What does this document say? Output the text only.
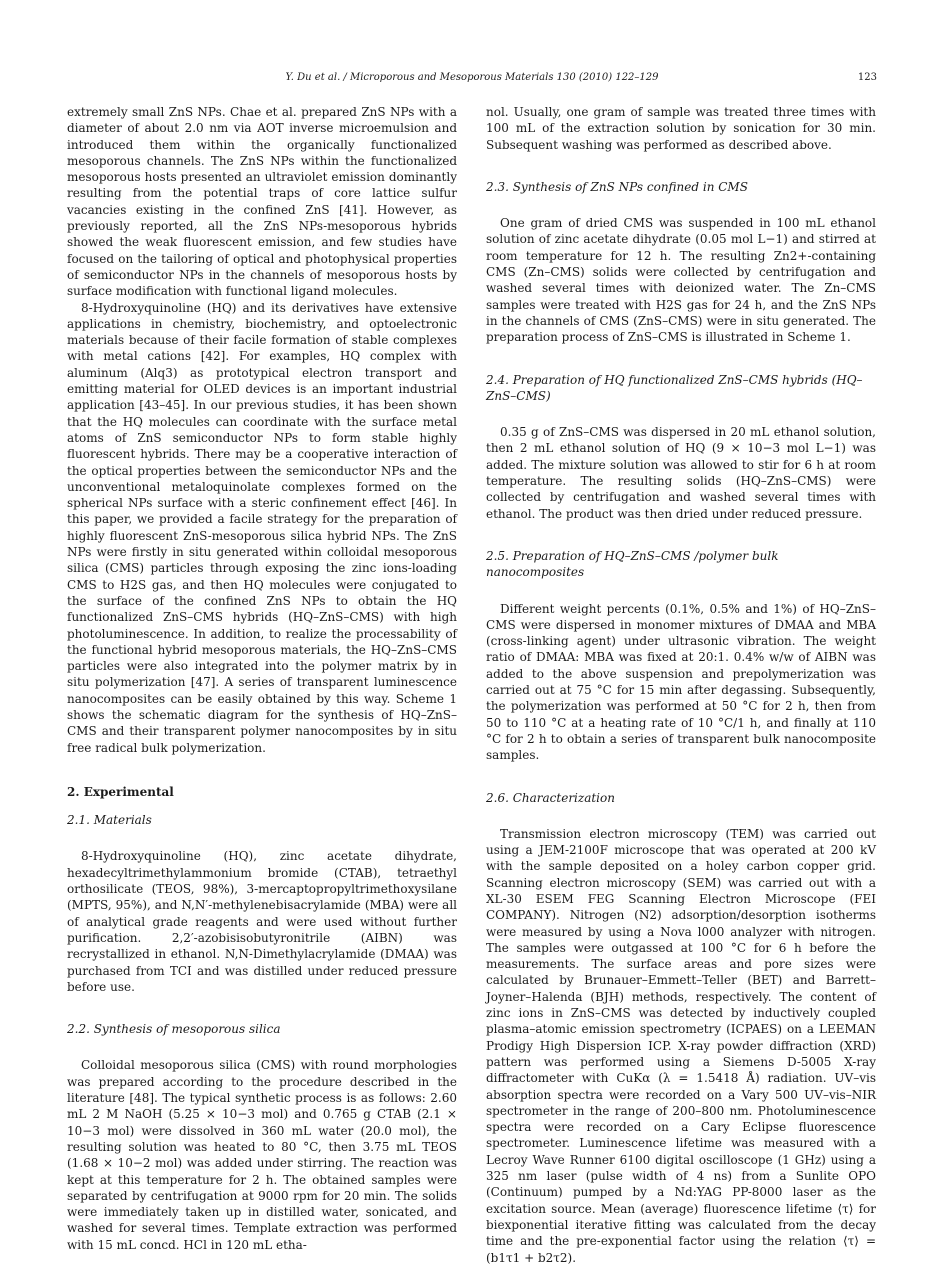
Y. Du et al. / Microporous and Mesoporous Materials 130 (2010) 122–129	123

extremely small ZnS NPs. Chae et al. prepared ZnS NPs with a diameter of about 2.0 nm via AOT inverse microemulsion and introduced them within the organically functionalized mesoporous channels. The ZnS NPs within the functionalized mesoporous hosts presented an ultraviolet emission dominantly resulting from the potential traps of core lattice sulfur vacancies existing in the confined ZnS [41]. However, as previously reported, all the ZnS NPs-mesoporous hybrids showed the weak fluorescent emission, and few studies have focused on the tailoring of optical and photophysical properties of semiconductor NPs in the channels of mesoporous hosts by surface modification with functional ligand molecules.

8-Hydroxyquinoline (HQ) and its derivatives have extensive applications in chemistry, biochemistry, and optoelectronic materials because of their facile formation of stable complexes with metal cations [42]. For examples, HQ complex with aluminum (Alq3) as prototypical electron transport and emitting material for OLED devices is an important industrial application [43–45]. In our previous studies, it has been shown that the HQ molecules can coordinate with the surface metal atoms of ZnS semiconductor NPs to form stable highly fluorescent hybrids. There may be a cooperative interaction of the optical properties between the semiconductor NPs and the unconventional metaloquinolate complexes formed on the spherical NPs surface with a steric confinement effect [46]. In this paper, we provided a facile strategy for the preparation of highly fluorescent ZnS-mesoporous silica hybrid NPs. The ZnS NPs were firstly in situ generated within colloidal mesoporous silica (CMS) particles through exposing the zinc ions-loading CMS to H2S gas, and then HQ molecules were conjugated to the surface of the confined ZnS NPs to obtain the HQ functionalized ZnS–CMS hybrids (HQ–ZnS–CMS) with high photoluminescence. In addition, to realize the processability of the functional hybrid mesoporous materials, the HQ–ZnS–CMS particles were also integrated into the polymer matrix by in situ polymerization [47]. A series of transparent luminescence nanocomposites can be easily obtained by this way. Scheme 1 shows the schematic diagram for the synthesis of HQ–ZnS–CMS and their transparent polymer nanocomposites by in situ free radical bulk polymerization.

2. Experimental
2.1. Materials

8-Hydroxyquinoline (HQ), zinc acetate dihydrate, hexadecyltrimethylammonium bromide (CTAB), tetraethyl orthosilicate (TEOS, 98%), 3-mercaptopropyltrimethoxysilane (MPTS, 95%), and N,N′-methylenebisacrylamide (MBA) were all of analytical grade reagents and were used without further purification. 2,2′-azobisisobutyronitrile (AIBN) was recrystallized in ethanol. N,N-Dimethylacrylamide (DMAA) was purchased from TCI and was distilled under reduced pressure before use.

2.2. Synthesis of mesoporous silica

Colloidal mesoporous silica (CMS) with round morphologies was prepared according to the procedure described in the literature [48]. The typical synthetic process is as follows: 2.60 mL 2 M NaOH (5.25 × 10−3 mol) and 0.765 g CTAB (2.1 × 10−3 mol) were dissolved in 360 mL water (20.0 mol), the resulting solution was heated to 80 °C, then 3.75 mL TEOS (1.68 × 10−2 mol) was added under stirring. The reaction was kept at this temperature for 2 h. The obtained samples were separated by centrifugation at 9000 rpm for 20 min. The solids were immediately taken up in distilled water, sonicated, and washed for several times. Template extraction was performed with 15 mL concd. HCl in 120 mL etha-

nol. Usually, one gram of sample was treated three times with 100 mL of the extraction solution by sonication for 30 min. Subsequent washing was performed as described above.

2.3. Synthesis of ZnS NPs confined in CMS

One gram of dried CMS was suspended in 100 mL ethanol solution of zinc acetate dihydrate (0.05 mol L−1) and stirred at room temperature for 12 h. The resulting Zn2+-containing CMS (Zn–CMS) solids were collected by centrifugation and washed several times with deionized water. The Zn–CMS samples were treated with H2S gas for 24 h, and the ZnS NPs in the channels of CMS (ZnS–CMS) were in situ generated. The preparation process of ZnS–CMS is illustrated in Scheme 1.

2.4. Preparation of HQ functionalized ZnS–CMS hybrids (HQ–ZnS–CMS)

0.35 g of ZnS–CMS was dispersed in 20 mL ethanol solution, then 2 mL ethanol solution of HQ (9 × 10−3 mol L−1) was added. The mixture solution was allowed to stir for 6 h at room temperature. The resulting solids (HQ–ZnS–CMS) were collected by centrifugation and washed several times with ethanol. The product was then dried under reduced pressure.

2.5. Preparation of HQ–ZnS–CMS /polymer bulk nanocomposites

Different weight percents (0.1%, 0.5% and 1%) of HQ–ZnS–CMS were dispersed in monomer mixtures of DMAA and MBA (cross-linking agent) under ultrasonic vibration. The weight ratio of DMAA: MBA was fixed at 20:1. 0.4% w/w of AIBN was added to the above suspension and prepolymerization was carried out at 75 °C for 15 min after degassing. Subsequently, the polymerization was performed at 50 °C for 2 h, then from 50 to 110 °C at a heating rate of 10 °C/1 h, and finally at 110 °C for 2 h to obtain a series of transparent bulk nanocomposite samples.

2.6. Characterization

Transmission electron microscopy (TEM) was carried out using a JEM-2100F microscope that was operated at 200 kV with the sample deposited on a holey carbon copper grid. Scanning electron microscopy (SEM) was carried out with a XL-30 ESEM FEG Scanning Electron Microscope (FEI COMPANY). Nitrogen (N2) adsorption/desorption isotherms were measured by using a Nova l000 analyzer with nitrogen. The samples were outgassed at 100 °C for 6 h before the measurements. The surface areas and pore sizes were calculated by Brunauer–Emmett–Teller (BET) and Barrett–Joyner–Halenda (BJH) methods, respectively. The content of zinc ions in ZnS–CMS was detected by inductively coupled plasma–atomic emission spectrometry (ICPAES) on a LEEMAN Prodigy High Dispersion ICP. X-ray powder diffraction (XRD) pattern was performed using a Siemens D-5005 X-ray diffractometer with CuKα (λ = 1.5418 Å) radiation. UV–vis absorption spectra were recorded on a Vary 500 UV–vis–NIR spectrometer in the range of 200–800 nm. Photoluminescence spectra were recorded on a Cary Eclipse fluorescence spectrometer. Luminescence lifetime was measured with a Lecroy Wave Runner 6100 digital oscilloscope (1 GHz) using a 325 nm laser (pulse width of 4 ns) from a Sunlite OPO (Continuum) pumped by a Nd:YAG PP-8000 laser as the excitation source. Mean (average) fluorescence lifetime ⟨τ⟩ for biexponential iterative fitting was calculated from the decay time and the pre-exponential factor using the relation ⟨τ⟩ = (b1τ1 + b2τ2).
